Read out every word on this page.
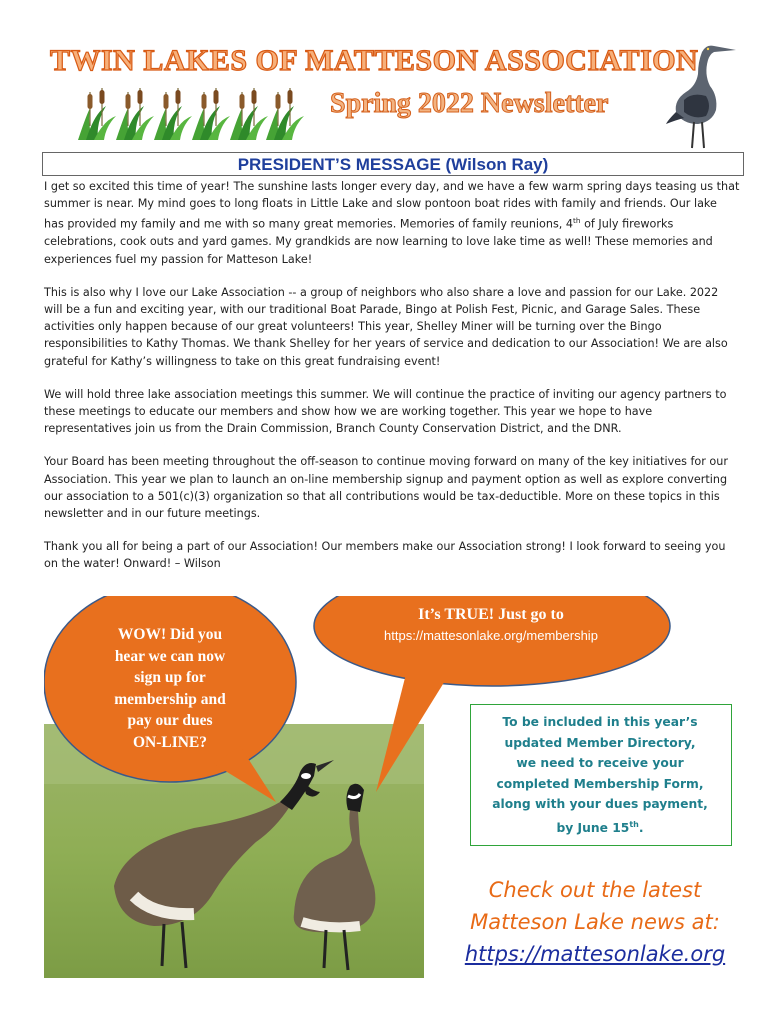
TWIN LAKES OF MATTESON ASSOCIATION
Spring 2022 Newsletter
PRESIDENT’S MESSAGE (Wilson Ray)

I get so excited this time of year! The sunshine lasts longer every day, and we have a few warm spring days teasing us that summer is near. My mind goes to long floats in Little Lake and slow pontoon boat rides with family and friends. Our lake has provided my family and me with so many great memories. Memories of family reunions, 4th of July fireworks celebrations, cook outs and yard games. My grandkids are now learning to love lake time as well! These memories and experiences fuel my passion for Matteson Lake!

This is also why I love our Lake Association -- a group of neighbors who also share a love and passion for our Lake. 2022 will be a fun and exciting year, with our traditional Boat Parade, Bingo at Polish Fest, Picnic, and Garage Sales. These activities only happen because of our great volunteers! This year, Shelley Miner will be turning over the Bingo responsibilities to Kathy Thomas. We thank Shelley for her years of service and dedication to our Association! We are also grateful for Kathy’s willingness to take on this great fundraising event!

We will hold three lake association meetings this summer. We will continue the practice of inviting our agency partners to these meetings to educate our members and show how we are working together. This year we hope to have representatives join us from the Drain Commission, Branch County Conservation District, and the DNR.

Your Board has been meeting throughout the off-season to continue moving forward on many of the key initiatives for our Association. This year we plan to launch an on-line membership signup and payment option as well as explore converting our association to a 501(c)(3) organization so that all contributions would be tax-deductible. More on these topics in this newsletter and in our future meetings.

Thank you all for being a part of our Association! Our members make our Association strong! I look forward to seeing you on the water! Onward! – Wilson

WOW! Did you
hear we can now
sign up for
membership and
pay our dues
ON-LINE?
It’s TRUE! Just go to
https://mattesonlake.org/membership
To be included in this year’s
updated Member Directory,
we need to receive your
completed Membership Form,
along with your dues payment,
by June 15th.
Check out the latest
Matteson Lake news at:
https://mattesonlake.org
